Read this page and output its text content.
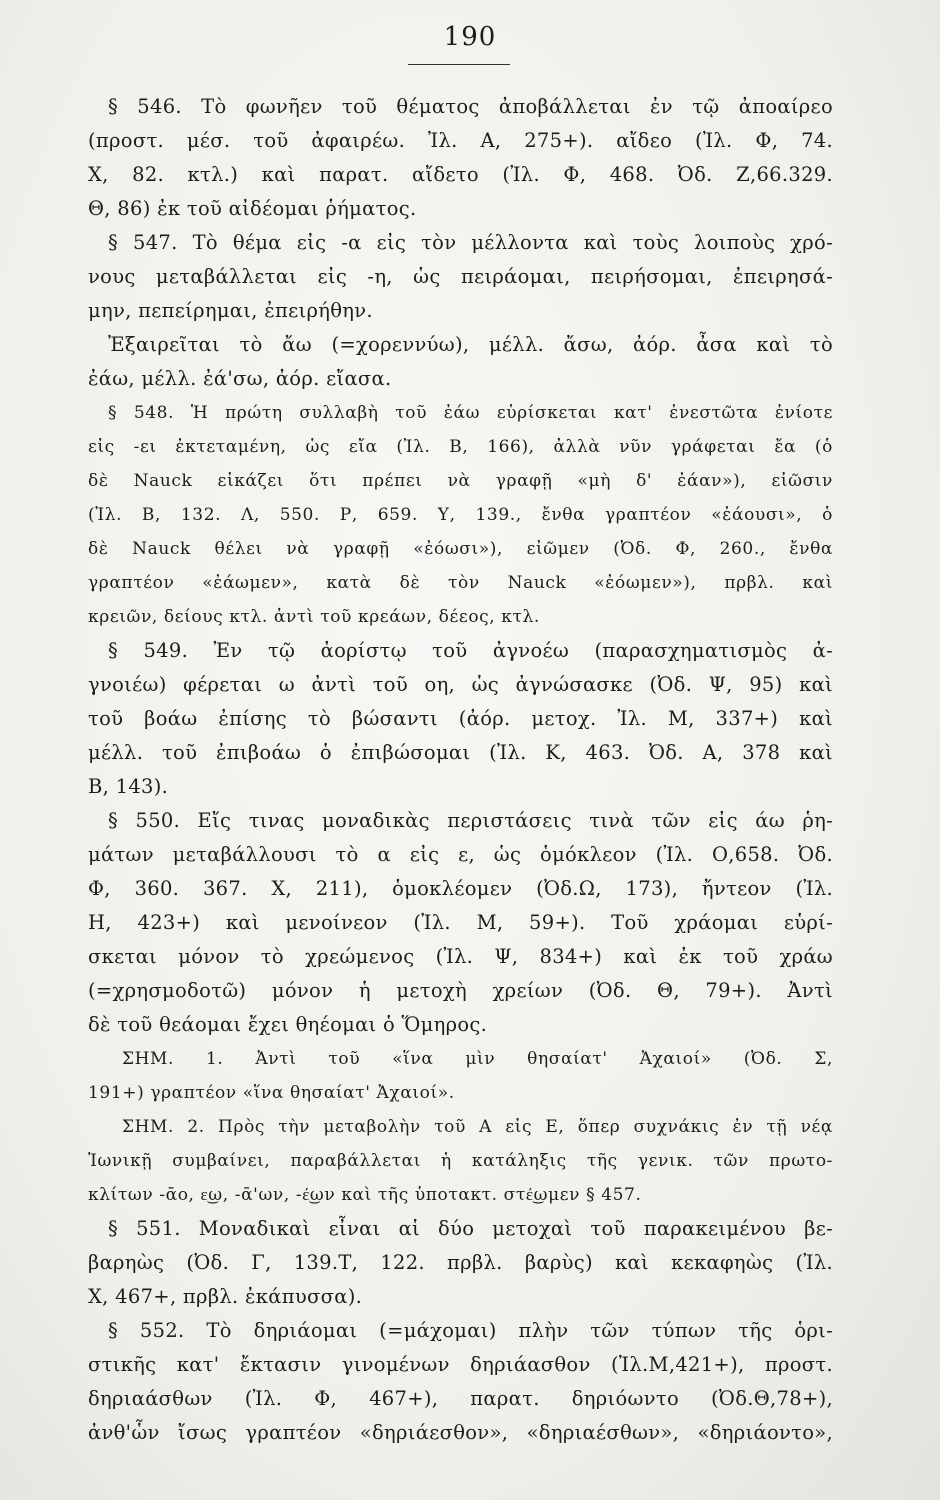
190
§ 546. Τὸ φωνῆεν τοῦ θέματος ἀποβάλλεται ἐν τῷ ἀποαίρεο
(προστ. μέσ. τοῦ ἀφαιρέω. Ἰλ. Α, 275+). αἴδεο (Ἰλ. Φ, 74.
Χ, 82. κτλ.) καὶ παρατ. αἴδετο (Ἰλ. Φ, 468. Ὀδ. Ζ,66.329.
Θ, 86) ἐκ τοῦ αἰδέομαι ῥήματος.
§ 547. Τὸ θέμα εἰς -α εἰς τὸν μέλλοντα καὶ τοὺς λοιποὺς χρό-
νους μεταβάλλεται εἰς -η, ὡς πειράομαι, πειρήσομαι, ἐπειρησά-
μην, πεπείρημαι, ἐπειρήθην.
Ἐξαιρεῖται τὸ ἄω (=χορεννύω), μέλλ. ἄσω, ἀόρ. ἆσα καὶ τὸ
ἐάω, μέλλ. ἐά'σω, ἀόρ. εἴασα.
§ 548. Ἡ πρώτη συλλαβὴ τοῦ ἐάω εὑρίσκεται κατ' ἐνεστῶτα ἐνίοτε
εἰς -ει ἐκτεταμένη, ὡς εἴα (Ἰλ. Β, 166), ἀλλὰ νῦν γράφεται ἔα (ὁ
δὲ Nauck εἰκάζει ὅτι πρέπει νὰ γραφῇ «μὴ δ' ἐάαν»), εἰῶσιν
(Ἰλ. Β, 132. Λ, 550. Ρ, 659. Υ, 139., ἔνθα γραπτέον «ἐάουσι», ὁ
δὲ Nauck θέλει νὰ γραφῇ «ἐόωσι»), εἰῶμεν (Ὀδ. Φ, 260., ἔνθα
γραπτέον «ἐάωμεν», κατὰ δὲ τὸν Nauck «ἐόωμεν»), πρβλ. καὶ
κρειῶν, δείους κτλ. ἀντὶ τοῦ κρεάων, δέεος, κτλ.
§ 549. Ἐν τῷ ἀορίστῳ τοῦ ἀγνοέω (παρασχηματισμὸς ἀ-
γνοιέω) φέρεται ω ἀντὶ τοῦ οη, ὡς ἀγνώσασκε (Ὀδ. Ψ, 95) καὶ
τοῦ βοάω ἐπίσης τὸ βώσαντι (ἀόρ. μετοχ. Ἰλ. Μ, 337+) καὶ
μέλλ. τοῦ ἐπιβοάω ὁ ἐπιβώσομαι (Ἰλ. Κ, 463. Ὀδ. Α, 378 καὶ
Β, 143).
§ 550. Εἴς τινας μοναδικὰς περιστάσεις τινὰ τῶν εἰς άω ῥη-
μάτων μεταβάλλουσι τὸ α εἰς ε, ὡς ὁμόκλεον (Ἰλ. Ο,658. Ὀδ.
Φ, 360. 367. Χ, 211), ὁμοκλέομεν (Ὀδ.Ω, 173), ἤντεον (Ἰλ.
Η, 423+) καὶ μενοίνεον (Ἰλ. Μ, 59+). Τοῦ χράομαι εὑρί-
σκεται μόνον τὸ χρεώμενος (Ἰλ. Ψ, 834+) καὶ ἐκ τοῦ χράω
(=χρησμοδοτῶ) μόνον ἡ μετοχὴ χρείων (Ὀδ. Θ, 79+). Ἀντὶ
δὲ τοῦ θεάομαι ἔχει θηέομαι ὁ Ὅμηρος.
ΣΗΜ. 1. Ἀντὶ τοῦ «ἵνα μὶν θησαίατ' Ἀχαιοί» (Ὀδ. Σ,
191+) γραπτέον «ἵνα θησαίατ' Ἀχαιοί».
ΣΗΜ. 2. Πρὸς τὴν μεταβολὴν τοῦ Α εἰς Ε, ὅπερ συχνάκις ἐν τῇ νέᾳ
Ἰωνικῇ συμβαίνει, παραβάλλεται ἡ κατάληξις τῆς γενικ. τῶν πρωτο-
κλίτων -ᾱο, ε͜ω, -ᾱ'ων, -έ͜ων καὶ τῆς ὑποτακτ. στέ͜ωμεν § 457.
§ 551. Μοναδικαὶ εἶναι αἱ δύο μετοχαὶ τοῦ παρακειμένου βε-
βαρηὼς (Ὀδ. Γ, 139.Τ, 122. πρβλ. βαρὺς) καὶ κεκαφηὼς (Ἰλ.
Χ, 467+, πρβλ. ἐκάπυσσα).
§ 552. Τὸ δηριάομαι (=μάχομαι) πλὴν τῶν τύπων τῆς ὁρι-
στικῆς κατ' ἔκτασιν γινομένων δηριάασθον (Ἰλ.Μ,421+), προστ.
δηριαάσθων (Ἰλ. Φ, 467+), παρατ. δηριόωντο (Ὀδ.Θ,78+),
ἀνθ'ὧν ἴσως γραπτέον «δηριάεσθον», «δηριαέσθων», «δηριάοντο»,
